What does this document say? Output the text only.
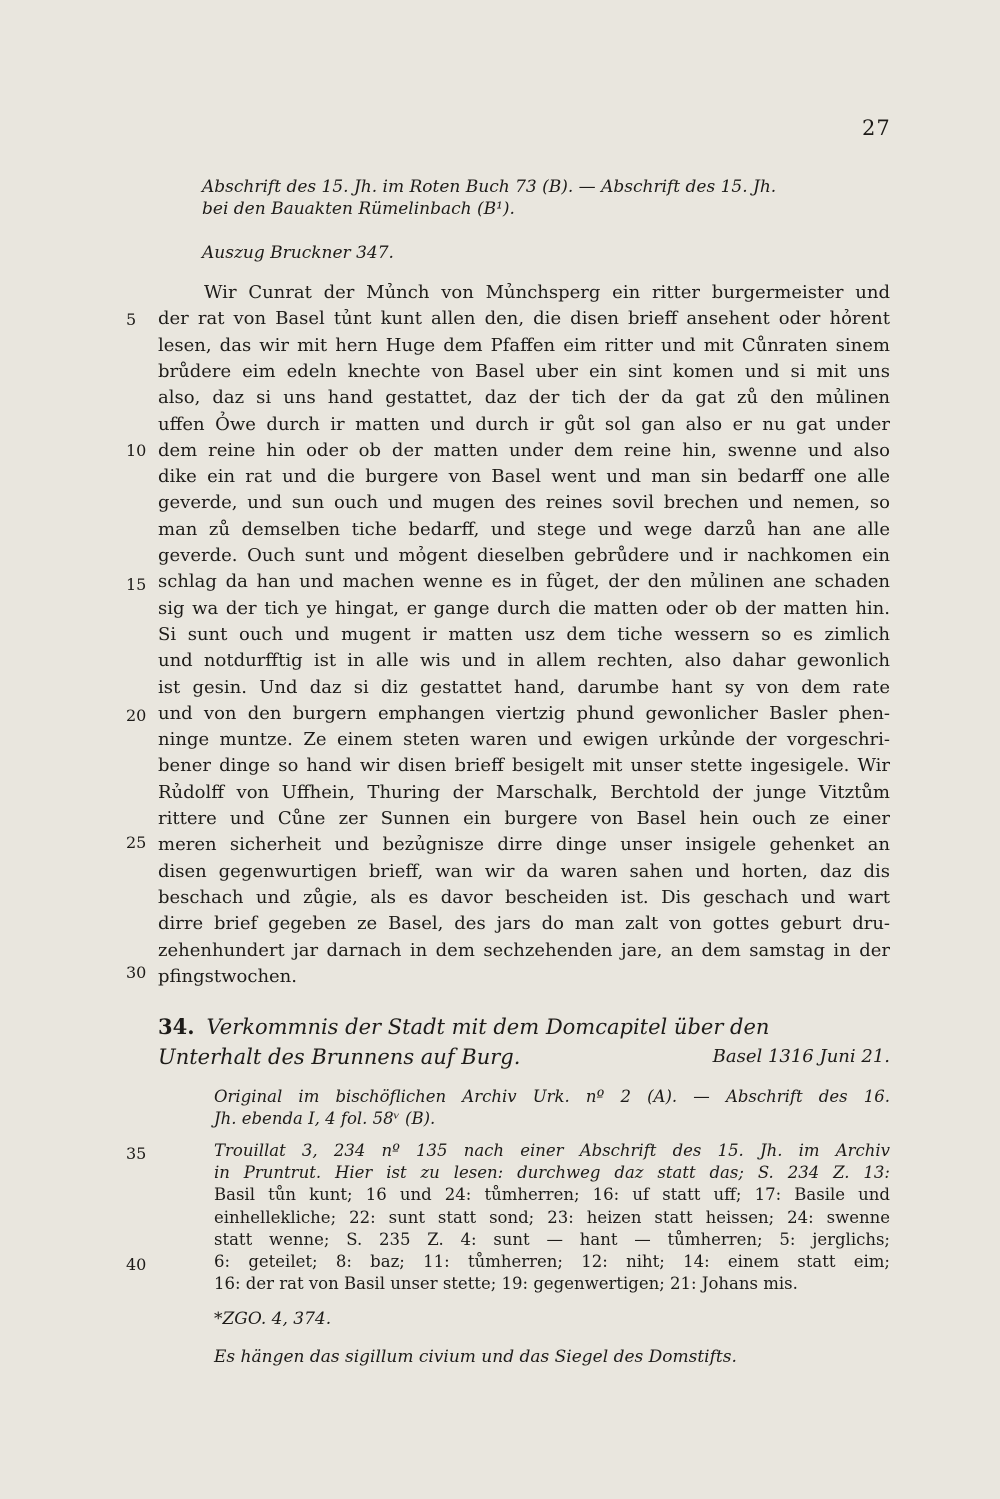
27
Abschrift des 15. Jh. im Roten Buch 73 (B). — Abschrift des 15. Jh.
bei den Bauakten Rümelinbach (B¹).
Auszug Bruckner 347.
Wir Cunrat der Mủnch von Mủnchsperg ein ritter burgermeister und
der rat von Basel tủnt kunt allen den, die disen brieff ansehent oder hỏrent
lesen, das wir mit hern Huge dem Pfaffen eim ritter und mit Cůnraten sinem
brůdere eim edeln knechte von Basel uber ein sint komen und si mit uns
also, daz si uns hand gestattet, daz der tich der da gat zů den mủlinen
uffen Ỏwe durch ir matten und durch ir gůt sol gan also er nu gat under
dem reine hin oder ob der matten under dem reine hin, swenne und also
dike ein rat und die burgere von Basel went und man sin bedarff one alle
geverde, und sun ouch und mugen des reines sovil brechen und nemen, so
man zů demselben tiche bedarff, und stege und wege darzů han ane alle
geverde. Ouch sunt und mỏgent dieselben gebrůdere und ir nachkomen ein
schlag da han und machen wenne es in fủget, der den mủlinen ane schaden
sig wa der tich ye hingat, er gange durch die matten oder ob der matten hin.
Si sunt ouch und mugent ir matten usz dem tiche wessern so es zimlich
und notdurfftig ist in alle wis und in allem rechten, also dahar gewonlich
ist gesin. Und daz si diz gestattet hand, darumbe hant sy von dem rate
und von den burgern emphangen viertzig phund gewonlicher Basler phen-
ninge muntze. Ze einem steten waren und ewigen urkủnde der vorgeschri-
bener dinge so hand wir disen brieff besigelt mit unser stette ingesigele. Wir
Rủdolff von Uffhein, Thuring der Marschalk, Berchtold der junge Vitztům
rittere und Cůne zer Sunnen ein burgere von Basel hein ouch ze einer
meren sicherheit und bezủgnisze dirre dinge unser insigele gehenket an
disen gegenwurtigen brieff, wan wir da waren sahen und horten, daz dis
beschach und zůgie, als es davor bescheiden ist. Dis geschach und wart
dirre brief gegeben ze Basel, des jars do man zalt von gottes geburt dru-
zehenhundert jar darnach in dem sechzehenden jare, an dem samstag in der
pfingstwochen.
34. Verkommnis der Stadt mit dem Domcapitel über den
Unterhalt des Brunnens auf Burg.	Basel 1316 Juni 21.
Original im bischöflichen Archiv Urk. nº 2 (A). — Abschrift des 16.
Jh. ebenda I, 4 fol. 58ᵛ (B).
Trouillat 3, 234 nº 135 nach einer Abschrift des 15. Jh. im Archiv
in Pruntrut. Hier ist zu lesen: durchweg daz statt das; S. 234 Z. 13:
Basil tůn kunt; 16 und 24: tůmherren; 16: uf statt uff; 17: Basile und
einhellekliche; 22: sunt statt sond; 23: heizen statt heissen; 24: swenne
statt wenne; S. 235 Z. 4: sunt — hant — tůmherren; 5: jerglichs;
6: geteilet; 8: baz; 11: tůmherren; 12: niht; 14: einem statt eim;
16: der rat von Basil unser stette; 19: gegenwertigen; 21: Johans mis.
*ZGO. 4, 374.
Es hängen das sigillum civium und das Siegel des Domstifts.
5
10
15
20
25
30
35
40
